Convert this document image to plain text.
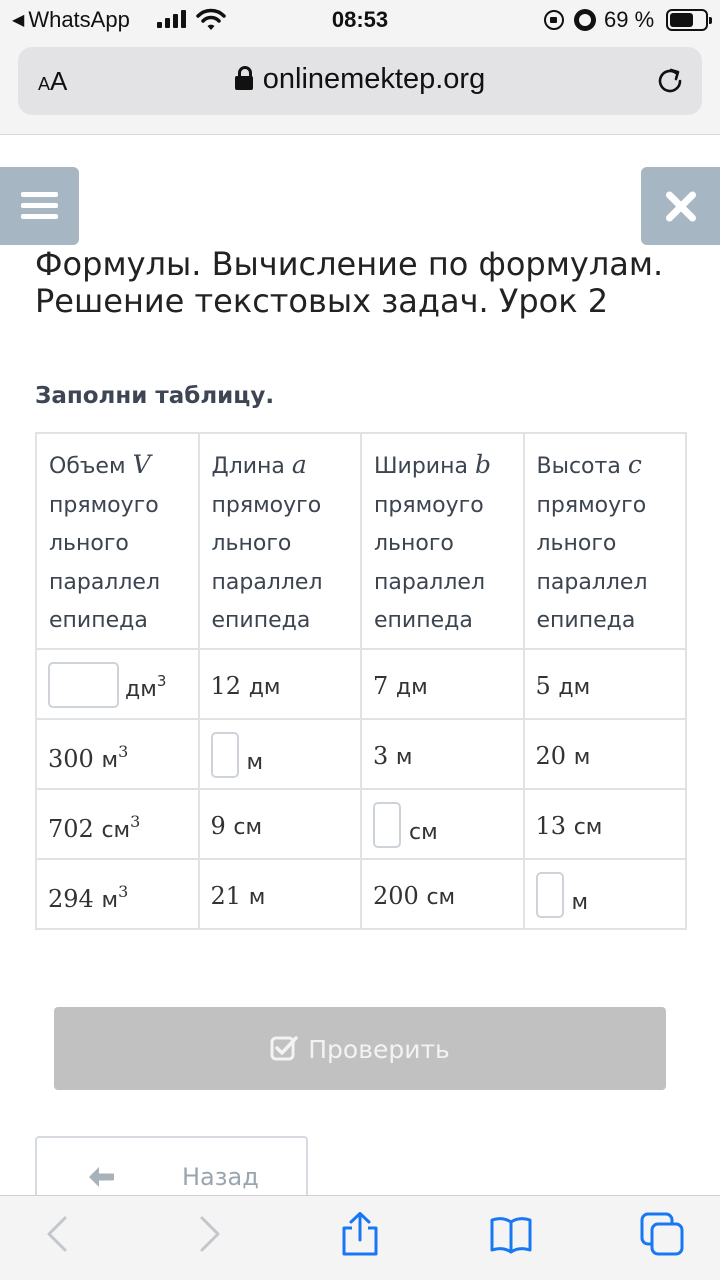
◀ WhatsApp	08:53	69 %
AA	onlinemektep.org
Формулы. Вычисление по формулам. Решение текстовых задач. Урок 2
Заполни таблицу.
Объем V
прямоуго
льного
параллел
епипеда	Длина a
прямоуго
льного
параллел
епипеда	Ширина b
прямоуго
льного
параллел
епипеда	Высота c
прямоуго
льного
параллел
епипеда
$дм^3$	12 дм	7 дм	5 дм

300 $м^3$	м	3 м	20 м

702 $см^3$	9 см	см	13 см

294 $м^3$	21 м	200 см	м
Проверить
Назад
